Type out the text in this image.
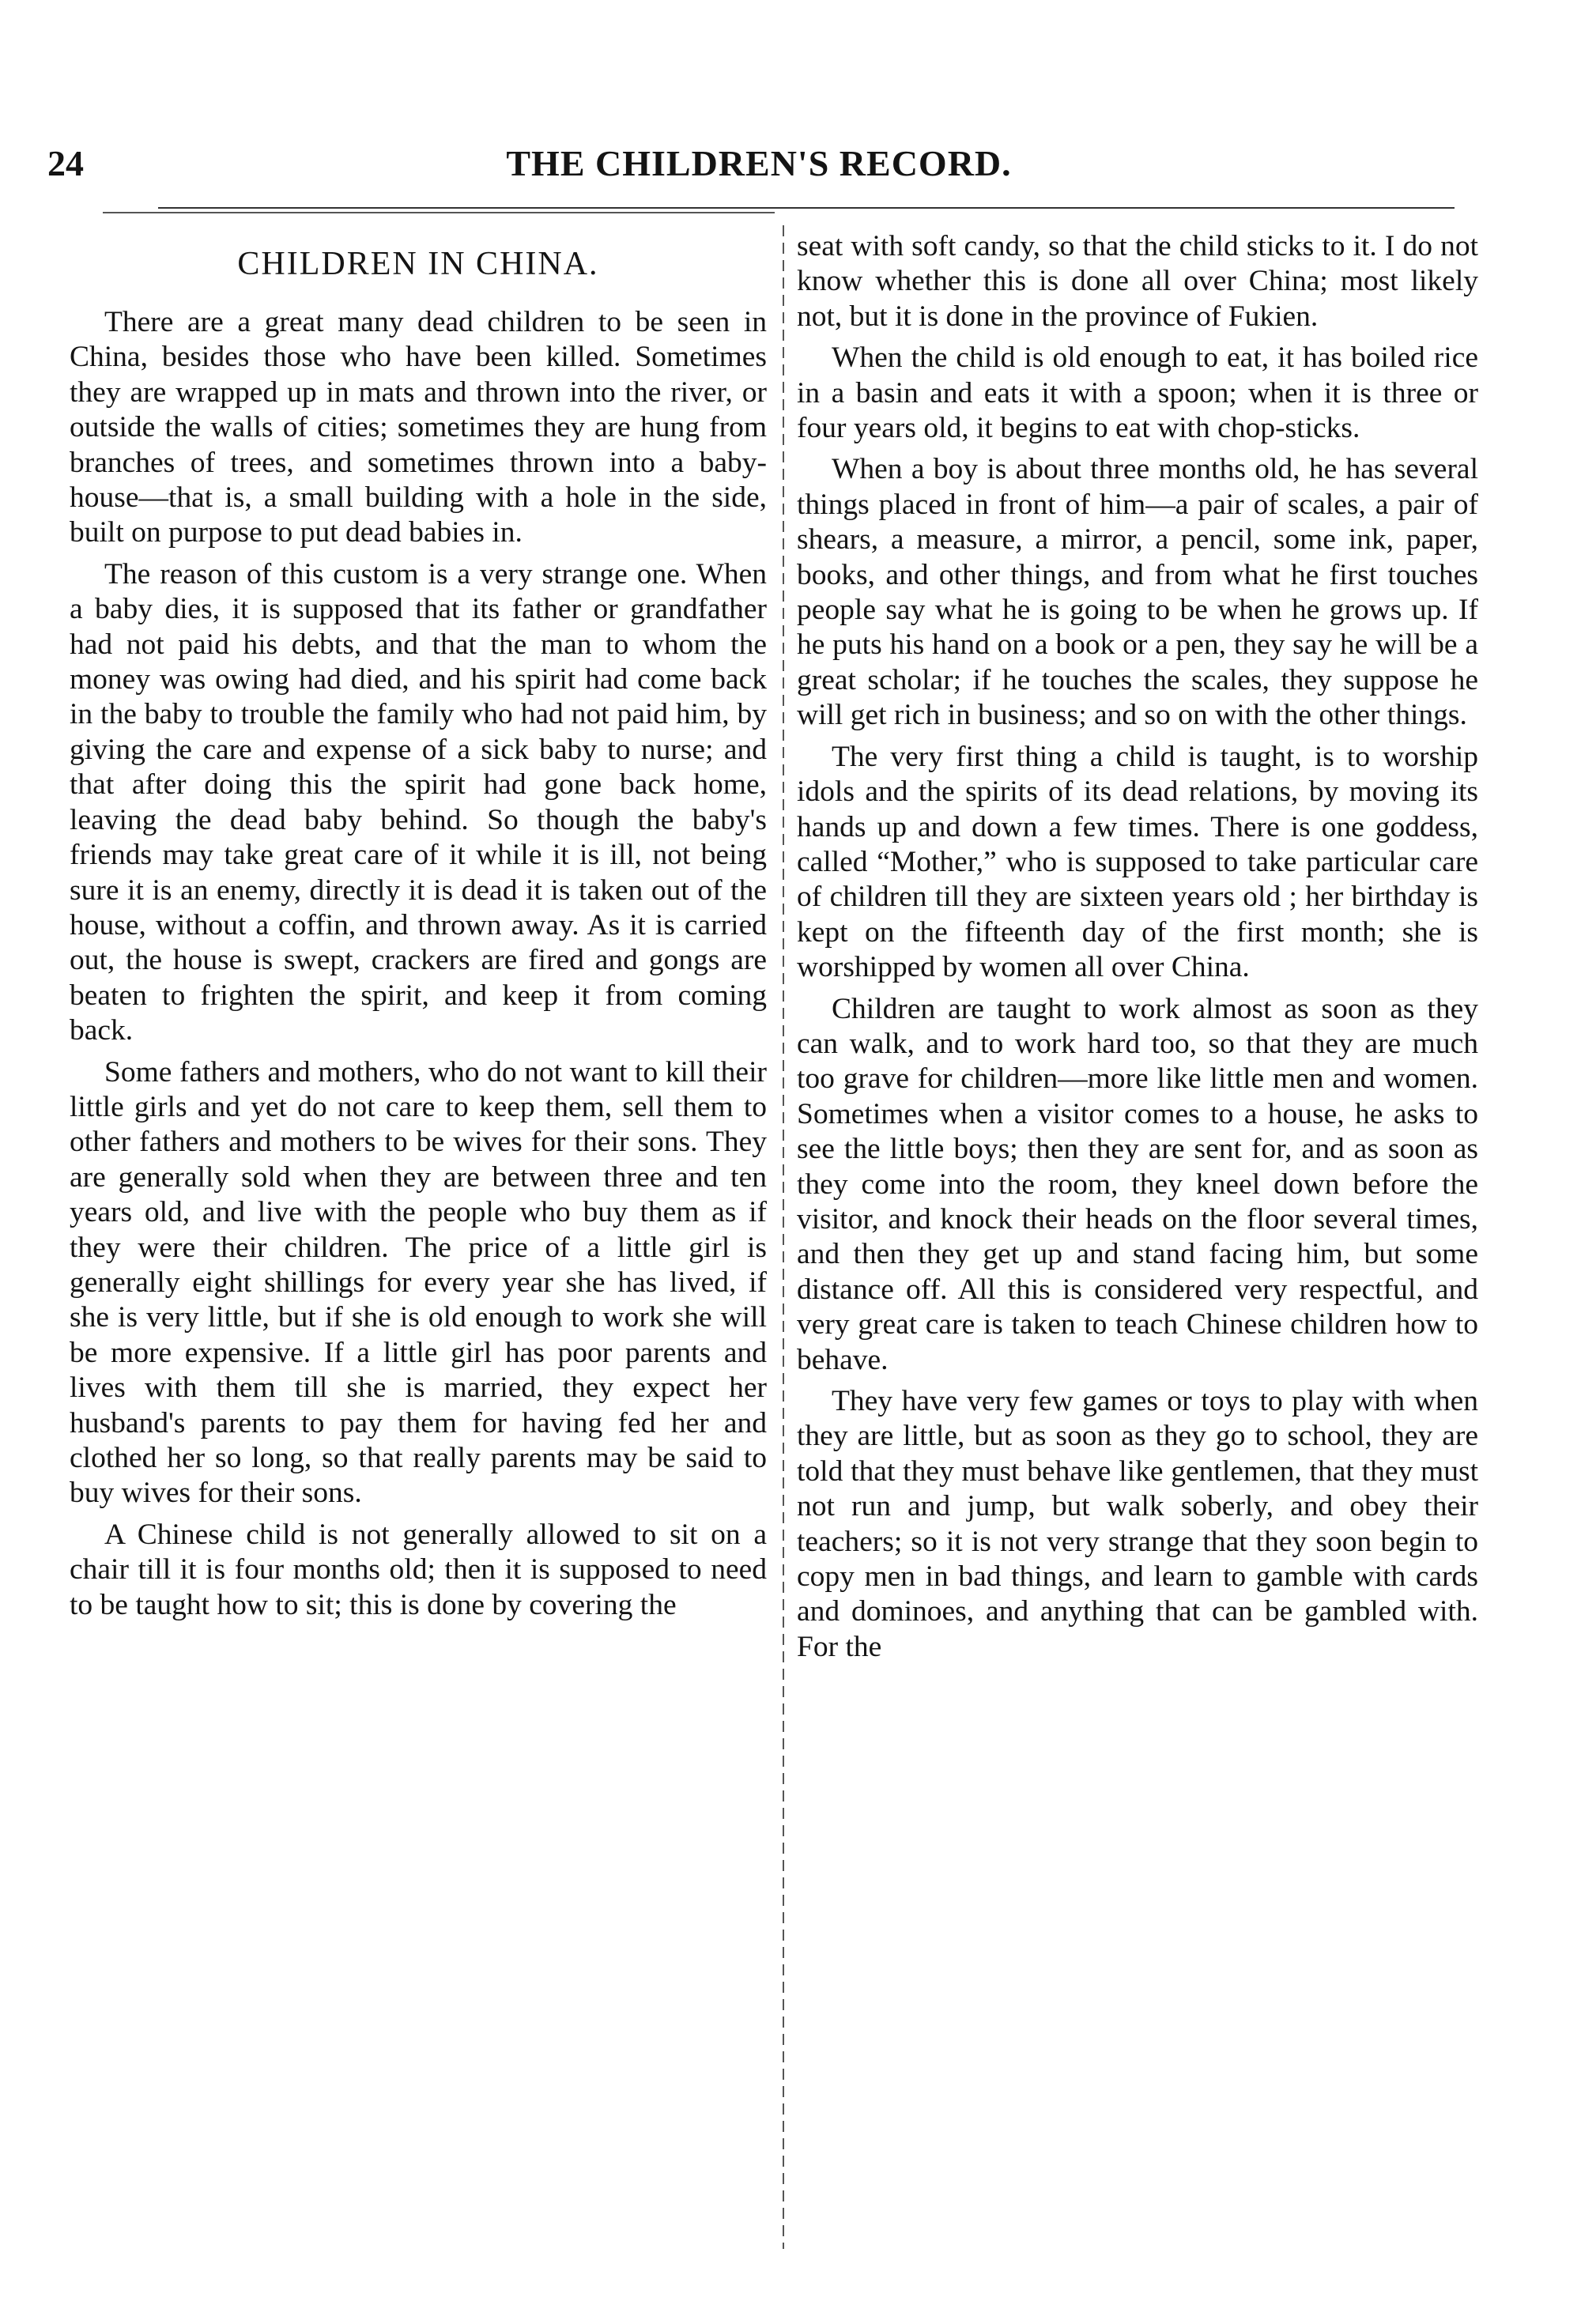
24	THE CHILDREN'S RECORD.
CHILDREN IN CHINA.

There are a great many dead children to be seen in China, besides those who have been killed. Sometimes they are wrapped up in mats and thrown into the river, or outside the walls of cities; sometimes they are hung from branches of trees, and sometimes thrown into a baby-house—that is, a small building with a hole in the side, built on purpose to put dead babies in.

The reason of this custom is a very strange one. When a baby dies, it is supposed that its father or grandfather had not paid his debts, and that the man to whom the money was owing had died, and his spirit had come back in the baby to trouble the family who had not paid him, by giving the care and expense of a sick baby to nurse; and that after doing this the spirit had gone back home, leaving the dead baby behind. So though the baby's friends may take great care of it while it is ill, not being sure it is an enemy, directly it is dead it is taken out of the house, without a coffin, and thrown away. As it is carried out, the house is swept, crackers are fired and gongs are beaten to frighten the spirit, and keep it from coming back.

Some fathers and mothers, who do not want to kill their little girls and yet do not care to keep them, sell them to other fathers and mothers to be wives for their sons. They are generally sold when they are between three and ten years old, and live with the people who buy them as if they were their children. The price of a little girl is generally eight shillings for every year she has lived, if she is very little, but if she is old enough to work she will be more expensive. If a little girl has poor parents and lives with them till she is married, they expect her husband's parents to pay them for having fed her and clothed her so long, so that really parents may be said to buy wives for their sons.

A Chinese child is not generally allowed to sit on a chair till it is four months old; then it is supposed to need to be taught how to sit; this is done by covering the

seat with soft candy, so that the child sticks to it. I do not know whether this is done all over China; most likely not, but it is done in the province of Fukien.

When the child is old enough to eat, it has boiled rice in a basin and eats it with a spoon; when it is three or four years old, it begins to eat with chop-sticks.

When a boy is about three months old, he has several things placed in front of him—a pair of scales, a pair of shears, a measure, a mirror, a pencil, some ink, paper, books, and other things, and from what he first touches people say what he is going to be when he grows up. If he puts his hand on a book or a pen, they say he will be a great scholar; if he touches the scales, they suppose he will get rich in business; and so on with the other things.

The very first thing a child is taught, is to worship idols and the spirits of its dead relations, by moving its hands up and down a few times. There is one goddess, called “Mother,” who is supposed to take particular care of children till they are sixteen years old ; her birthday is kept on the fifteenth day of the first month; she is worshipped by women all over China.

Children are taught to work almost as soon as they can walk, and to work hard too, so that they are much too grave for children—more like little men and women. Sometimes when a visitor comes to a house, he asks to see the little boys; then they are sent for, and as soon as they come into the room, they kneel down before the visitor, and knock their heads on the floor several times, and then they get up and stand facing him, but some distance off. All this is considered very respectful, and very great care is taken to teach Chinese children how to behave.

They have very few games or toys to play with when they are little, but as soon as they go to school, they are told that they must behave like gentlemen, that they must not run and jump, but walk soberly, and obey their teachers; so it is not very strange that they soon begin to copy men in bad things, and learn to gamble with cards and dominoes, and anything that can be gambled with. For the
